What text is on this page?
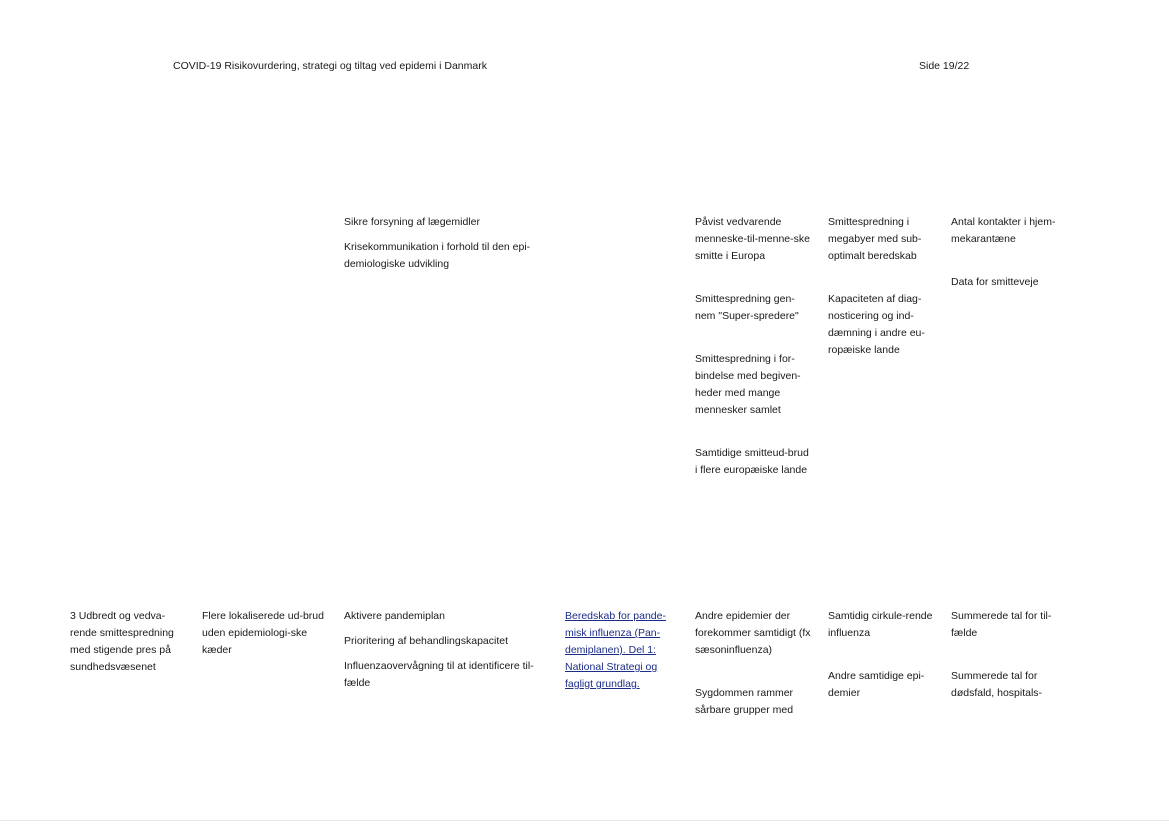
COVID-19 Risikovurdering, strategi og tiltag ved epidemi i Danmark	Side 19/22

Sikre forsyning af lægemidler

Krisekommunikation i forhold til den epi-demiologiske udvikling

Påvist vedvarende menneske-til-menne-ske smitte i Europa

Smittespredning gen-nem "Super-spredere"

Smittespredning i for-bindelse med begiven-heder med mange mennesker samlet

Samtidige smitteud-brud i flere europæiske lande

Smittespredning i megabyer med sub-optimalt beredskab

Kapaciteten af diag-nosticering og ind-dæmning i andre eu-ropæiske lande

Antal kontakter i hjem-mekarantæne

Data for smitteveje

3 Udbredt og vedva-rende smittespredning med stigende pres på sundhedsvæsenet

Flere lokaliserede ud-brud uden epidemiologi-ske kæder

Aktivere pandemiplan

Prioritering af behandlingskapacitet

Influenzaovervågning til at identificere til-fælde

Beredskab for pande-misk influenza (Pan-demiplanen). Del 1: National Strategi og fagligt grundlag.

Andre epidemier der forekommer samtidigt (fx sæsoninfluenza)

Sygdommen rammer sårbare grupper med

Samtidig cirkule-rende influenza

Andre samtidige epi-demier

Summerede tal for til-fælde

Summerede tal for dødsfald, hospitals-
